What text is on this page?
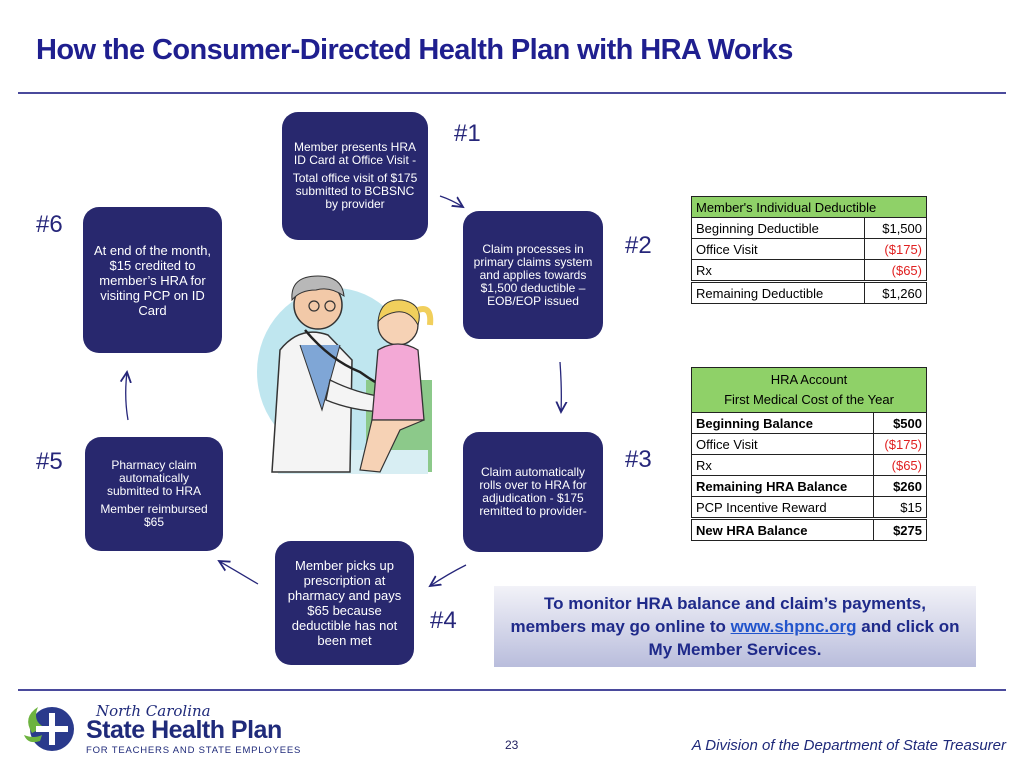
How the Consumer-Directed Health Plan with HRA Works

Member presents HRA ID Card at Office Visit -

Total office visit of $175 submitted to BCBSNC by provider

Claim processes in primary claims system and applies towards $1,500 deductible – EOB/EOP issued

Claim automatically rolls over to HRA for adjudication - $175 remitted to provider-

Member picks up prescription at pharmacy and pays $65 because deductible has not been met

Pharmacy claim automatically submitted to HRA

Member reimbursed $65

At end of the month, $15 credited to member’s HRA for visiting PCP on ID Card

#1
#2
#3
#4
#5
#6
Member's Individual Deductible	
Beginning Deductible	$1,500
Office Visit	($175)
Rx	($65)
Remaining Deductible	$1,260
HRA Account
First Medical Cost of the Year	

Beginning Balance	$500
Office Visit	($175)
Rx	($65)
Remaining HRA Balance	$260
PCP Incentive Reward	$15
New HRA Balance	$275
To monitor HRA balance and claim’s payments, members may go online to www.shpnc.org and click on My Member Services.
North Carolina
State Health Plan
FOR TEACHERS AND STATE EMPLOYEES	23	A Division of the Department of State Treasurer
